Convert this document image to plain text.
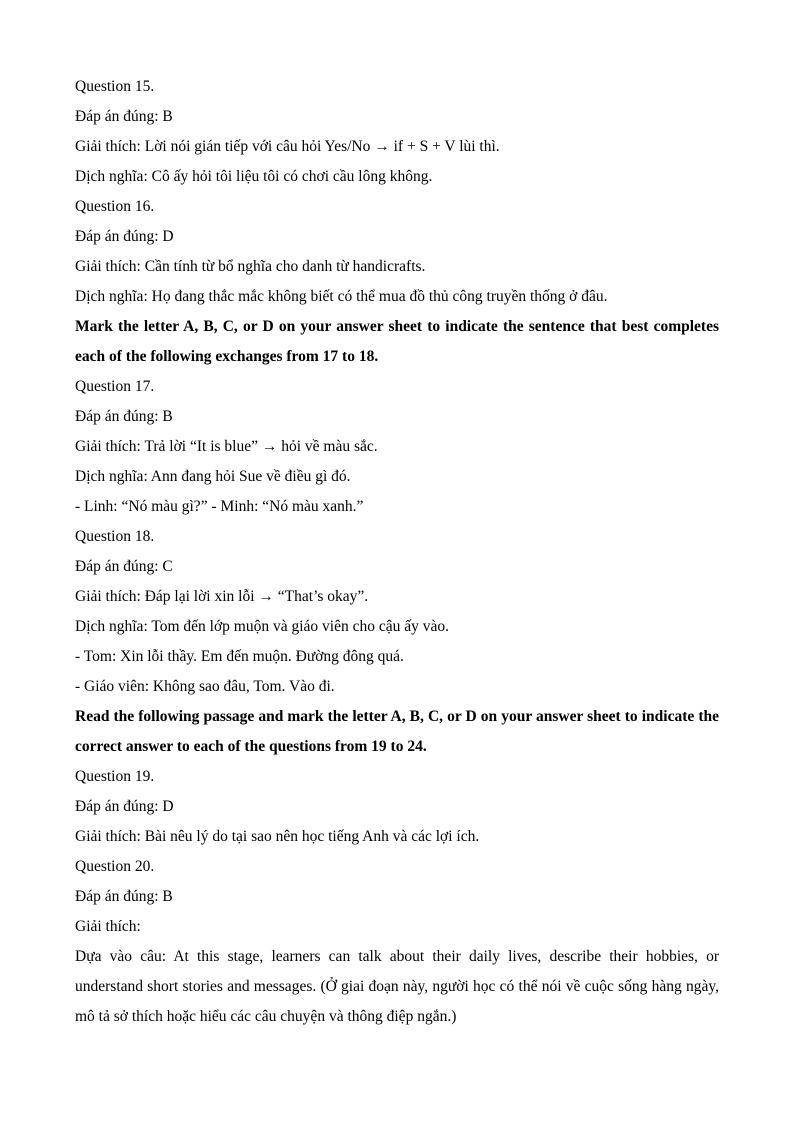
Question 15.
Đáp án đúng: B
Giải thích: Lời nói gián tiếp với câu hỏi Yes/No → if + S + V lùi thì.
Dịch nghĩa: Cô ấy hỏi tôi liệu tôi có chơi cầu lông không.
Question 16.
Đáp án đúng: D
Giải thích: Cần tính từ bổ nghĩa cho danh từ handicrafts.
Dịch nghĩa: Họ đang thắc mắc không biết có thể mua đồ thủ công truyền thống ở đâu.
Mark the letter A, B, C, or D on your answer sheet to indicate the sentence that best completes each of the following exchanges from 17 to 18.
Question 17.
Đáp án đúng: B
Giải thích: Trả lời “It is blue” → hỏi về màu sắc.
Dịch nghĩa: Ann đang hỏi Sue về điều gì đó.
- Linh: “Nó màu gì?” - Minh: “Nó màu xanh.”
Question 18.
Đáp án đúng: C
Giải thích: Đáp lại lời xin lỗi → “That’s okay”.
Dịch nghĩa: Tom đến lớp muộn và giáo viên cho cậu ấy vào.
- Tom: Xin lỗi thầy. Em đến muộn. Đường đông quá.
- Giáo viên: Không sao đâu, Tom. Vào đi.
Read the following passage and mark the letter A, B, C, or D on your answer sheet to indicate the correct answer to each of the questions from 19 to 24.
Question 19.
Đáp án đúng: D
Giải thích: Bài nêu lý do tại sao nên học tiếng Anh và các lợi ích.
Question 20.
Đáp án đúng: B
Giải thích:
Dựa vào câu: At this stage, learners can talk about their daily lives, describe their hobbies, or understand short stories and messages. (Ở giai đoạn này, người học có thể nói về cuộc sống hàng ngày, mô tả sở thích hoặc hiểu các câu chuyện và thông điệp ngắn.)
